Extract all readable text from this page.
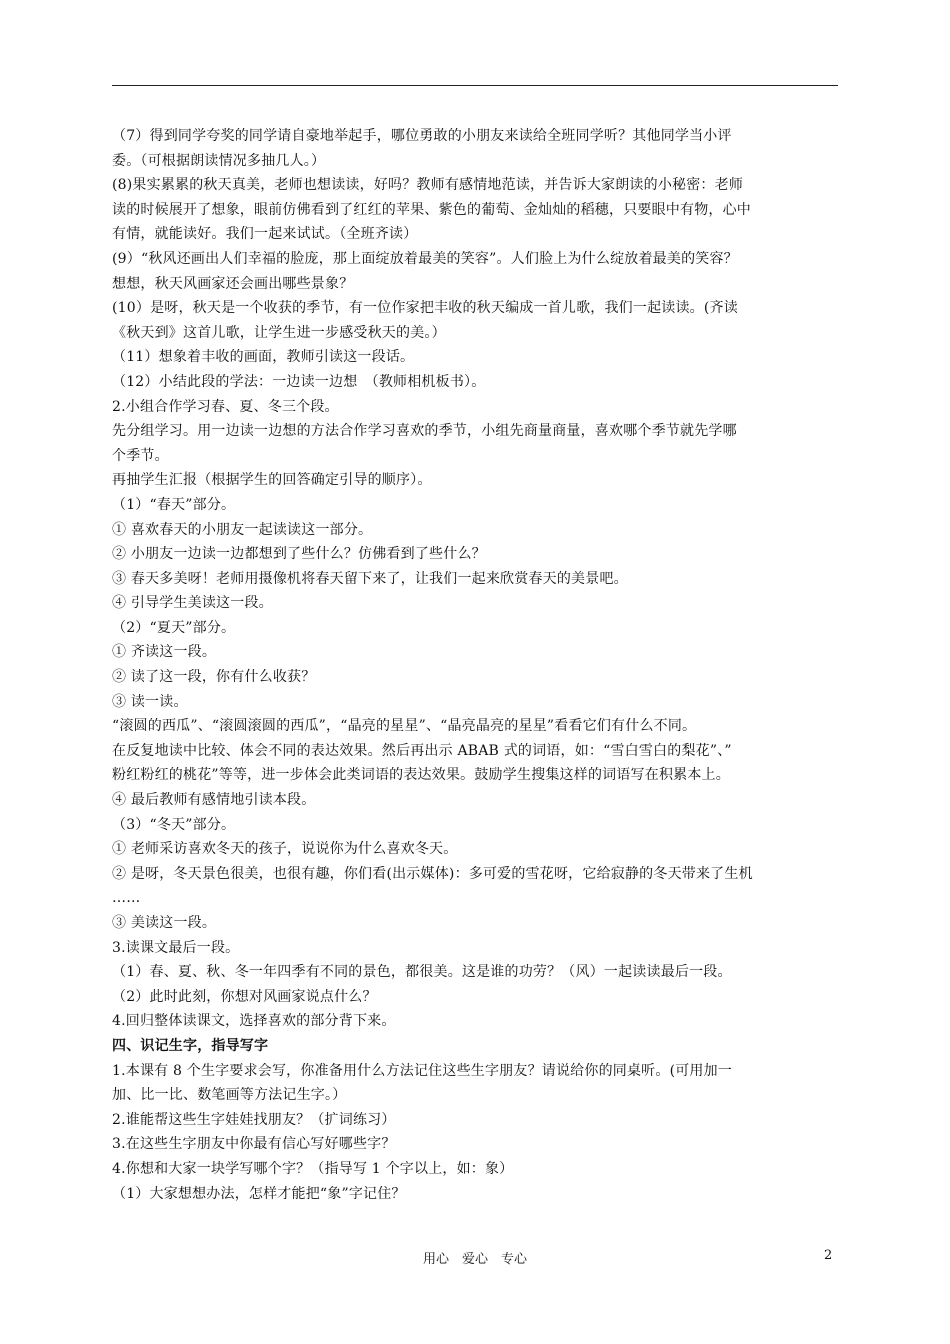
（7）得到同学夸奖的同学请自豪地举起手，哪位勇敢的小朋友来读给全班同学听？其他同学当小评
委。（可根据朗读情况多抽几人。）
(8)果实累累的秋天真美，老师也想读读，好吗？教师有感情地范读，并告诉大家朗读的小秘密：老师
读的时候展开了想象，眼前仿佛看到了红红的苹果、紫色的葡萄、金灿灿的稻穗，只要眼中有物，心中
有情，就能读好。我们一起来试试。（全班齐读）
(9）“秋风还画出人们幸福的脸庞，那上面绽放着最美的笑容”。人们脸上为什么绽放着最美的笑容？
想想，秋天风画家还会画出哪些景象？
(10）是呀，秋天是一个收获的季节，有一位作家把丰收的秋天编成一首儿歌，我们一起读读。(齐读
《秋天到》这首儿歌，让学生进一步感受秋天的美。）
（11）想象着丰收的画面，教师引读这一段话。
（12）小结此段的学法：一边读一边想　（教师相机板书）。
2.小组合作学习春、夏、冬三个段。
先分组学习。用一边读一边想的方法合作学习喜欢的季节，小组先商量商量，喜欢哪个季节就先学哪
个季节。
再抽学生汇报（根据学生的回答确定引导的顺序）。
（1）“春天”部分。
① 喜欢春天的小朋友一起读读这一部分。
② 小朋友一边读一边都想到了些什么？仿佛看到了些什么？
③ 春天多美呀！老师用摄像机将春天留下来了，让我们一起来欣赏春天的美景吧。
④ 引导学生美读这一段。
（2）“夏天”部分。
① 齐读这一段。
② 读了这一段，你有什么收获？
③ 读一读。
“滚圆的西瓜”、“滚圆滚圆的西瓜”，“晶亮的星星”、“晶亮晶亮的星星”看看它们有什么不同。
在反复地读中比较、体会不同的表达效果。然后再出示 ABAB 式的词语，如：“雪白雪白的梨花”、”
粉红粉红的桃花”等等，进一步体会此类词语的表达效果。鼓励学生搜集这样的词语写在积累本上。
④ 最后教师有感情地引读本段。
（3）“冬天”部分。
① 老师采访喜欢冬天的孩子，说说你为什么喜欢冬天。
② 是呀，冬天景色很美，也很有趣，你们看(出示媒体)：多可爱的雪花呀，它给寂静的冬天带来了生机
……
③ 美读这一段。
3.读课文最后一段。
（1）春、夏、秋、冬一年四季有不同的景色，都很美。这是谁的功劳？（风）一起读读最后一段。
（2）此时此刻，你想对风画家说点什么？
4.回归整体读课文，选择喜欢的部分背下来。
四、识记生字，指导写字
1.本课有 8 个生字要求会写，你准备用什么方法记住这些生字朋友？请说给你的同桌听。(可用加一
加、比一比、数笔画等方法记生字。）
2.谁能帮这些生字娃娃找朋友？（扩词练习）
3.在这些生字朋友中你最有信心写好哪些字？
4.你想和大家一块学写哪个字？（指导写 1 个字以上，如：象）
（1）大家想想办法，怎样才能把“象”字记住？
用心　爱心　专心	2
